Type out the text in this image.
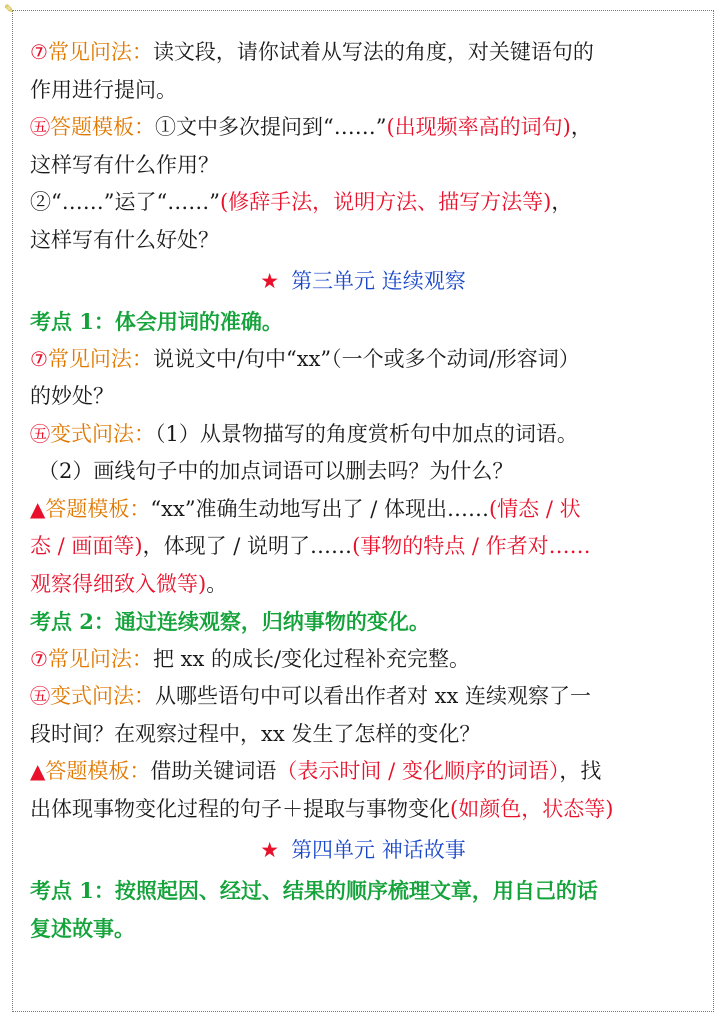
✎
⑦常见问法：读文段，请你试着从写法的角度，对关键语句的
作用进行提问。
㊄答题模板：①文中多次提问到“……”(出现频率高的词句)，
这样写有什么作用？
②“……”运了“……”(修辞手法，说明方法、描写方法等)，
这样写有什么好处？
★ 第三单元 连续观察
考点 1：体会用词的准确。
⑦常见问法：说说文中/句中“xx”（一个或多个动词/形容词）
的妙处？
㊄变式问法：（1）从景物描写的角度赏析句中加点的词语。
（2）画线句子中的加点词语可以删去吗？为什么？
▲答题模板：“xx”准确生动地写出了 / 体现出……(情态 / 状
态 / 画面等)，体现了 / 说明了……(事物的特点 / 作者对……
观察得细致入微等)。
考点 2：通过连续观察，归纳事物的变化。
⑦常见问法：把 xx 的成长/变化过程补充完整。
㊄变式问法：从哪些语句中可以看出作者对 xx 连续观察了一
段时间？在观察过程中，xx 发生了怎样的变化？
▲答题模板：借助关键词语（表示时间 / 变化顺序的词语），找
出体现事物变化过程的句子＋提取与事物变化(如颜色，状态等)
★ 第四单元 神话故事
考点 1：按照起因、经过、结果的顺序梳理文章，用自己的话
复述故事。
